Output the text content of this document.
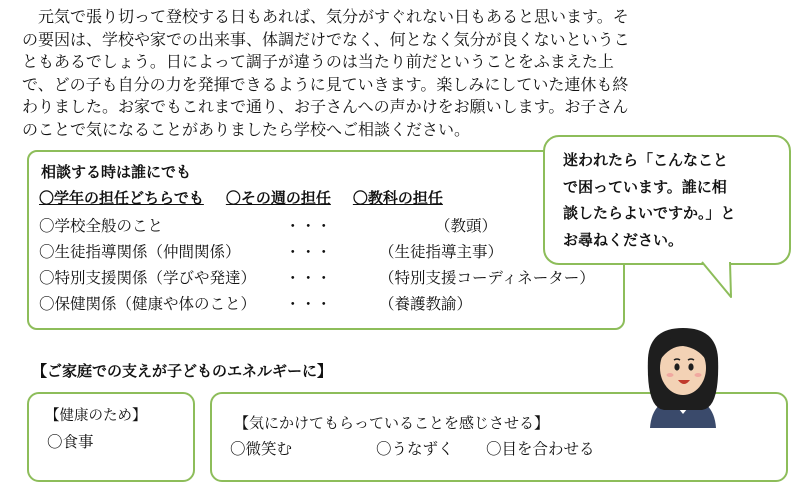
　元気で張り切って登校する日もあれば、気分がすぐれない日もあると思います。そ

の要因は、学校や家での出来事、体調だけでなく、何となく気分が良くないというこ

ともあるでしょう。日によって調子が違うのは当たり前だということをふまえた上

で、どの子も自分の力を発揮できるように見ていきます。楽しみにしていた連休も終

わりました。お家でもこれまで通り、お子さんへの声かけをお願いします。お子さん

のことで気になることがありましたら学校へご相談ください。

相談する時は誰にでも
〇学年の担任どちらでも 〇その週の担任 〇教科の担任
〇学校全般のこと	・・・	（教頭）
〇生徒指導関係（仲間関係）	・・・	（生徒指導主事）
〇特別支援関係（学びや発達） ・・・	（特別支援コーディネーター）
〇保健関係（健康や体のこと） ・・・	（養護教諭）

迷われたら「こんなこと
で困っています。誰に相
談したらよいですか。」と
お尋ねください。

【ご家庭での支えが子どものエネルギーに】
【健康のため】
〇食事
【気にかけてもらっていることを感じさせる】
〇微笑む	〇うなずく 〇目を合わせる
